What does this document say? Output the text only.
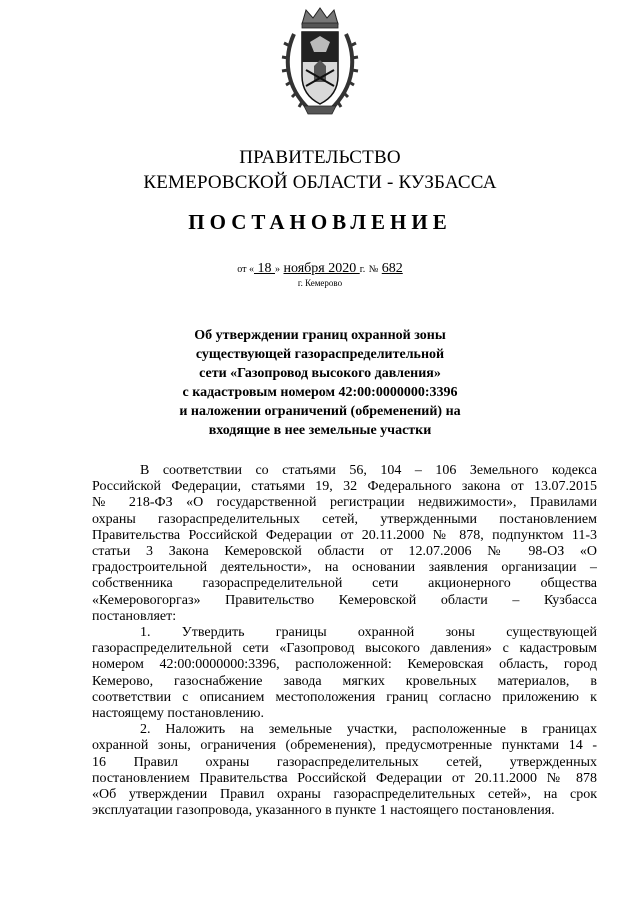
ПРАВИТЕЛЬСТВО
КЕМЕРОВСКОЙ ОБЛАСТИ - КУЗБАССА
ПОСТАНОВЛЕНИЕ
от « 18 » ноября 2020 г. № 682
г. Кемерово
Об утверждении границ охранной зоны
существующей газораспределительной
сети «Газопровод высокого давления»
с кадастровым номером 42:00:0000000:3396
и наложении ограничений (обременений) на
входящие в нее земельные участки
В соответствии со статьями 56, 104 – 106 Земельного кодекса
Российской Федерации, статьями 19, 32 Федерального закона от 13.07.2015
№ 218-ФЗ «О государственной регистрации недвижимости», Правилами
охраны газораспределительных сетей, утвержденными постановлением
Правительства Российской Федерации от 20.11.2000 № 878, подпунктом 11-3
статьи 3 Закона Кемеровской области от 12.07.2006 № 98-ОЗ «О
градостроительной деятельности», на основании заявления организации –
собственника газораспределительной сети акционерного общества
«Кемеровогоргаз» Правительство Кемеровской области – Кузбасса
постановляет:
1. Утвердить границы охранной зоны существующей
газораспределительной сети «Газопровод высокого давления» с кадастровым
номером 42:00:0000000:3396, расположенной: Кемеровская область, город
Кемерово, газоснабжение завода мягких кровельных материалов, в
соответствии с описанием местоположения границ согласно приложению к
настоящему постановлению.
2. Наложить на земельные участки, расположенные в границах
охранной зоны, ограничения (обременения), предусмотренные пунктами 14 -
16 Правил охраны газораспределительных сетей, утвержденных
постановлением Правительства Российской Федерации от 20.11.2000 № 878
«Об утверждении Правил охраны газораспределительных сетей», на срок
эксплуатации газопровода, указанного в пункте 1 настоящего постановления.
